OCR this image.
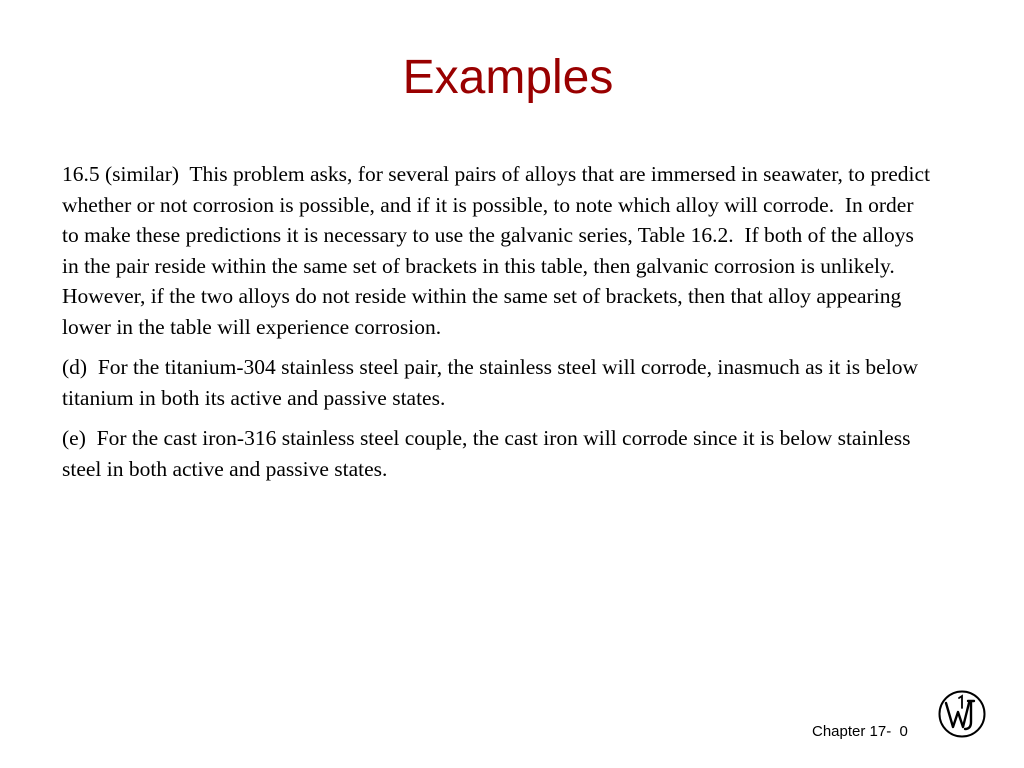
Examples

16.5 (similar)  This problem asks, for several pairs of alloys that are immersed in seawater, to predict whether or not corrosion is possible, and if it is possible, to note which alloy will corrode.  In order to make these predictions it is necessary to use the galvanic series, Table 16.2.  If both of the alloys in the pair reside within the same set of brackets in this table, then galvanic corrosion is unlikely.  However, if the two alloys do not reside within the same set of brackets, then that alloy appearing lower in the table will experience corrosion.

(d)  For the titanium-304 stainless steel pair, the stainless steel will corrode, inasmuch as it is below titanium in both its active and passive states.

(e)  For the cast iron-316 stainless steel couple, the cast iron will corrode since it is below stainless steel in both active and passive states.

Chapter 17-  0
